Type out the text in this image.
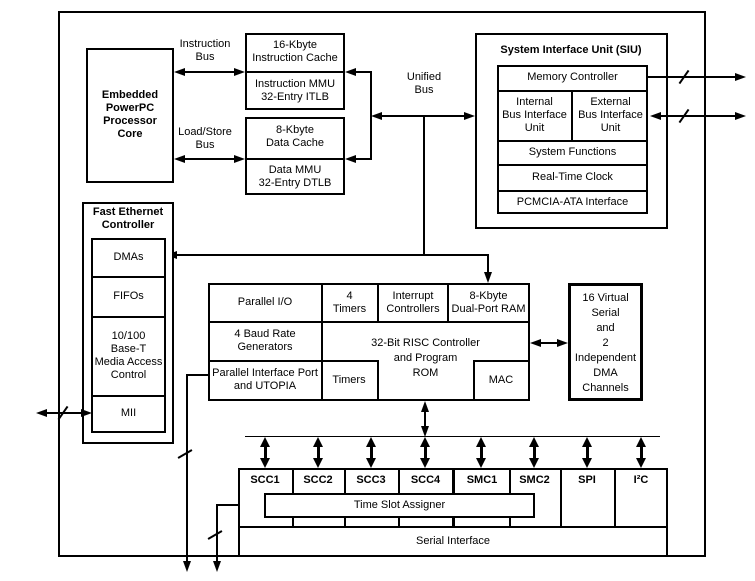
Embedded
PowerPC
Processor
Core
16-Kbyte
Instruction Cache
Instruction MMU
32-Entry ITLB
8-Kbyte
Data Cache
Data MMU
32-Entry DTLB
Instruction
Bus
Load/Store
Bus
Unified
Bus
System Interface Unit (SIU)
Memory Controller
Internal
Bus Interface
Unit
External
Bus Interface
Unit
System Functions
Real-Time Clock
PCMCIA-ATA Interface
Fast Ethernet
Controller
DMAs
FIFOs
10/100
Base-T
Media Access
Control
MII
Parallel I/O	4
Timers
Interrupt
Controllers
8-Kbyte
Dual-Port RAM
4 Baud Rate
Generators	32-Bit RISC Controller
and Program
ROM
Parallel Interface Port
and UTOPIA	Timers	MAC
16 Virtual
Serial
and
2
Independent
DMA
Channels
SCC1	SCC2	SCC3	SCC4	SMC1	SMC2	SPI	I²C
Time Slot Assigner
Serial Interface
